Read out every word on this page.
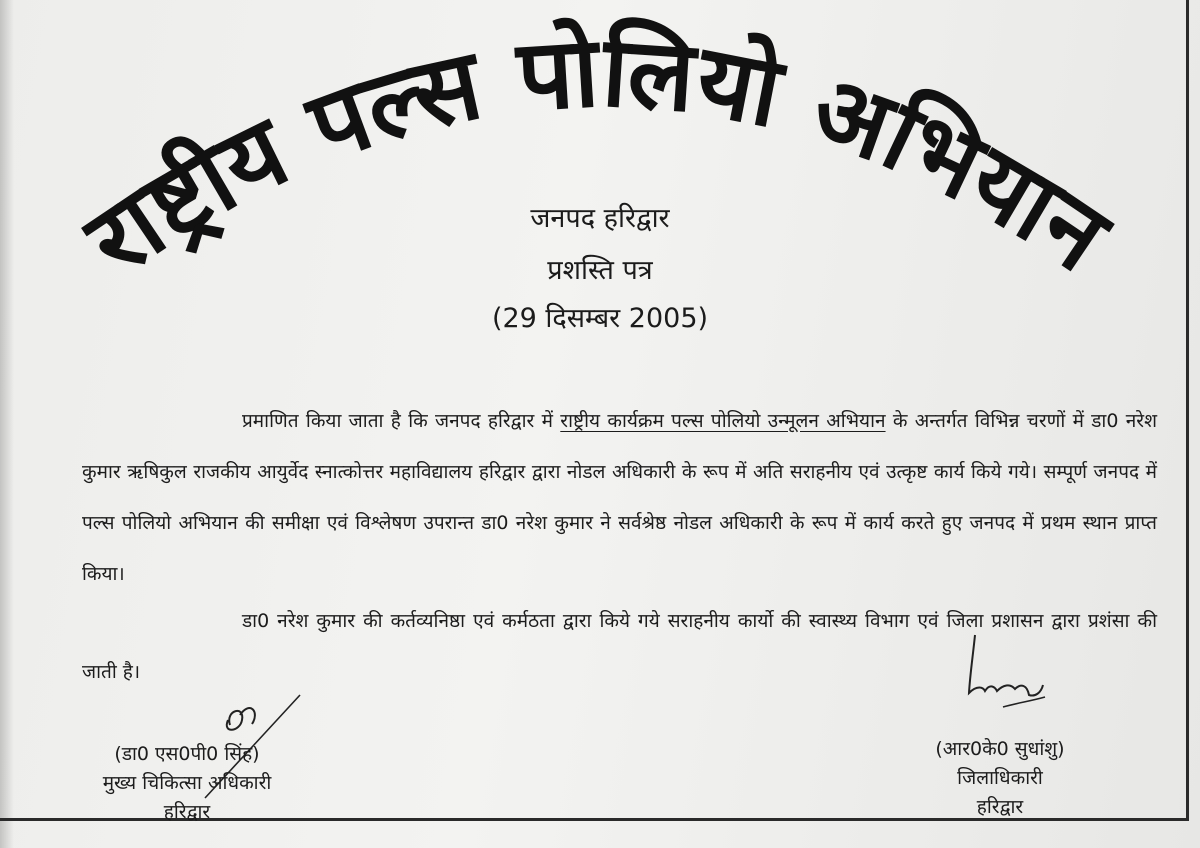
राष्ट्रीय पल्स पोलियो अभियान
जनपद हरिद्वार
प्रशस्ति पत्र
(29 दिसम्बर 2005)
प्रमाणित किया जाता है कि जनपद हरिद्वार में राष्ट्रीय कार्यक्रम पल्स पोलियो उन्मूलन अभियान के अन्तर्गत विभिन्न चरणों में डा0 नरेश कुमार ऋषिकुल राजकीय आयुर्वेद स्नात्कोत्तर महाविद्यालय हरिद्वार द्वारा नोडल अधिकारी के रूप में अति सराहनीय एवं उत्कृष्ट कार्य किये गये। सम्पूर्ण जनपद में पल्स पोलियो अभियान की समीक्षा एवं विश्लेषण उपरान्त डा0 नरेश कुमार ने सर्वश्रेष्ठ नोडल अधिकारी के रूप में कार्य करते हुए जनपद में प्रथम स्थान प्राप्त किया।
डा0 नरेश कुमार की कर्तव्यनिष्ठा एवं कर्मठता द्वारा किये गये सराहनीय कार्यो की स्वास्थ्य विभाग एवं जिला प्रशासन द्वारा प्रशंसा की जाती है।
(डा0 एस0पी0 सिंह)
मुख्य चिकित्सा अधिकारी
हरिद्वार
(आर0के0 सुधांशु)
जिलाधिकारी
हरिद्वार
